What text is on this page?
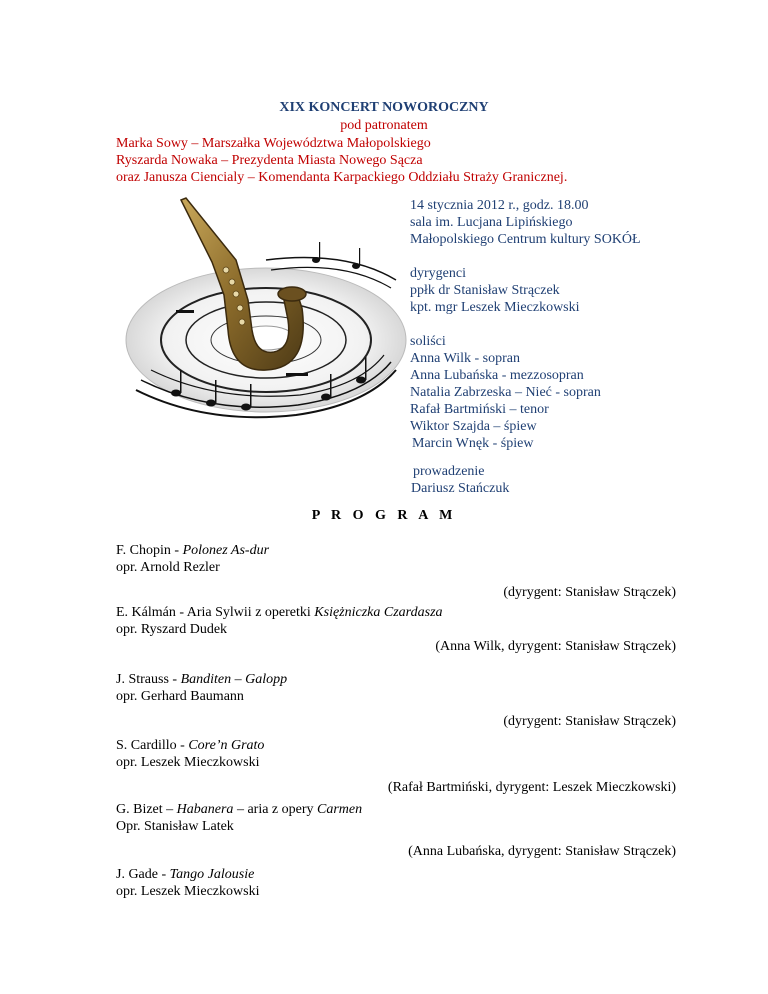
XIX KONCERT NOWOROCZNY
pod patronatem
Marka Sowy – Marszałka Województwa Małopolskiego
Ryszarda Nowaka – Prezydenta Miasta Nowego Sącza
oraz Janusza Ciencialy – Komendanta Karpackiego Oddziału Straży Granicznej.
14 stycznia 2012 r., godz. 18.00
sala im. Lucjana Lipińskiego
Małopolskiego Centrum kultury SOKÓŁ
dyrygenci
ppłk dr Stanisław Strączek
kpt. mgr Leszek Mieczkowski
soliści
Anna Wilk - sopran
Anna Lubańska - mezzosopran
Natalia Zabrzeska – Nieć - sopran
Rafał Bartmiński – tenor
Wiktor Szajda – śpiew
Marcin Wnęk - śpiew
prowadzenie
Dariusz Stańczuk
P R O G R A M
F. Chopin - Polonez As-dur
opr. Arnold Rezler
(dyrygent: Stanisław Strączek)
E. Kálmán - Aria Sylwii z operetki Księżniczka Czardasza
opr. Ryszard Dudek
(Anna Wilk, dyrygent: Stanisław Strączek)
J. Strauss - Banditen – Galopp
opr. Gerhard Baumann
(dyrygent: Stanisław Strączek)
S. Cardillo - Core’n Grato
opr. Leszek Mieczkowski
(Rafał Bartmiński, dyrygent: Leszek Mieczkowski)
G. Bizet – Habanera – aria z opery Carmen
Opr. Stanisław Latek
(Anna Lubańska, dyrygent: Stanisław Strączek)
J. Gade - Tango Jalousie
opr. Leszek Mieczkowski
